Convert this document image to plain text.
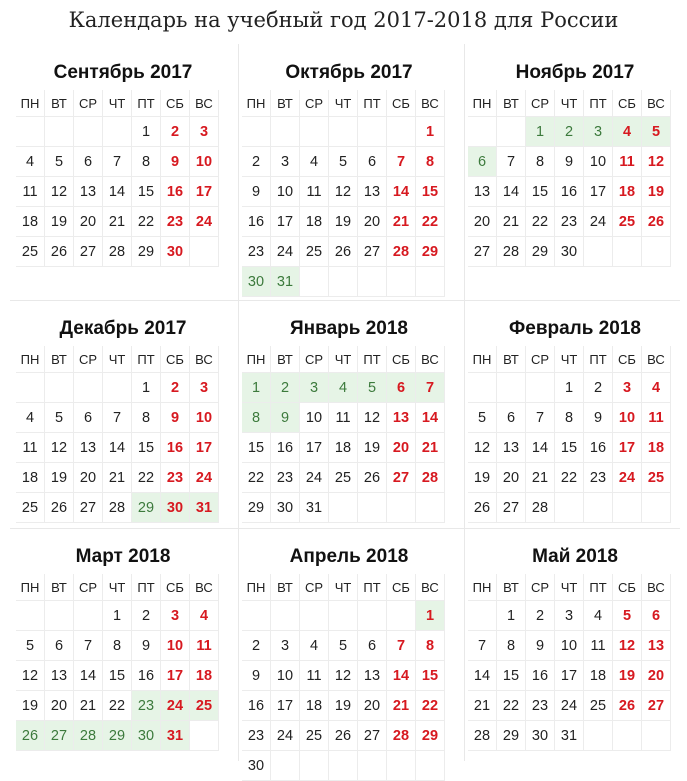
Календарь на учебный год 2017-2018 для России
Сентябрь 2017
ПН	ВТ	СР	ЧТ	ПТ	СБ	ВС
				1	2	3
4	5	6	7	8	9	10
11	12	13	14	15	16	17
18	19	20	21	22	23	24
25	26	27	28	29	30	
Октябрь 2017
ПН	ВТ	СР	ЧТ	ПТ	СБ	ВС
						1
2	3	4	5	6	7	8
9	10	11	12	13	14	15
16	17	18	19	20	21	22
23	24	25	26	27	28	29
30	31					
Ноябрь 2017
ПН	ВТ	СР	ЧТ	ПТ	СБ	ВС
		1	2	3	4	5
6	7	8	9	10	11	12
13	14	15	16	17	18	19
20	21	22	23	24	25	26
27	28	29	30			
Декабрь 2017
ПН	ВТ	СР	ЧТ	ПТ	СБ	ВС
				1	2	3
4	5	6	7	8	9	10
11	12	13	14	15	16	17
18	19	20	21	22	23	24
25	26	27	28	29	30	31
Январь 2018
ПН	ВТ	СР	ЧТ	ПТ	СБ	ВС
1	2	3	4	5	6	7
8	9	10	11	12	13	14
15	16	17	18	19	20	21
22	23	24	25	26	27	28
29	30	31				
Февраль 2018
ПН	ВТ	СР	ЧТ	ПТ	СБ	ВС
			1	2	3	4
5	6	7	8	9	10	11
12	13	14	15	16	17	18
19	20	21	22	23	24	25
26	27	28				
Март 2018
ПН	ВТ	СР	ЧТ	ПТ	СБ	ВС
			1	2	3	4
5	6	7	8	9	10	11
12	13	14	15	16	17	18
19	20	21	22	23	24	25
26	27	28	29	30	31	
Апрель 2018
ПН	ВТ	СР	ЧТ	ПТ	СБ	ВС
						1
2	3	4	5	6	7	8
9	10	11	12	13	14	15
16	17	18	19	20	21	22
23	24	25	26	27	28	29
30						
Май 2018
ПН	ВТ	СР	ЧТ	ПТ	СБ	ВС
	1	2	3	4	5	6
7	8	9	10	11	12	13
14	15	16	17	18	19	20
21	22	23	24	25	26	27
28	29	30	31			
